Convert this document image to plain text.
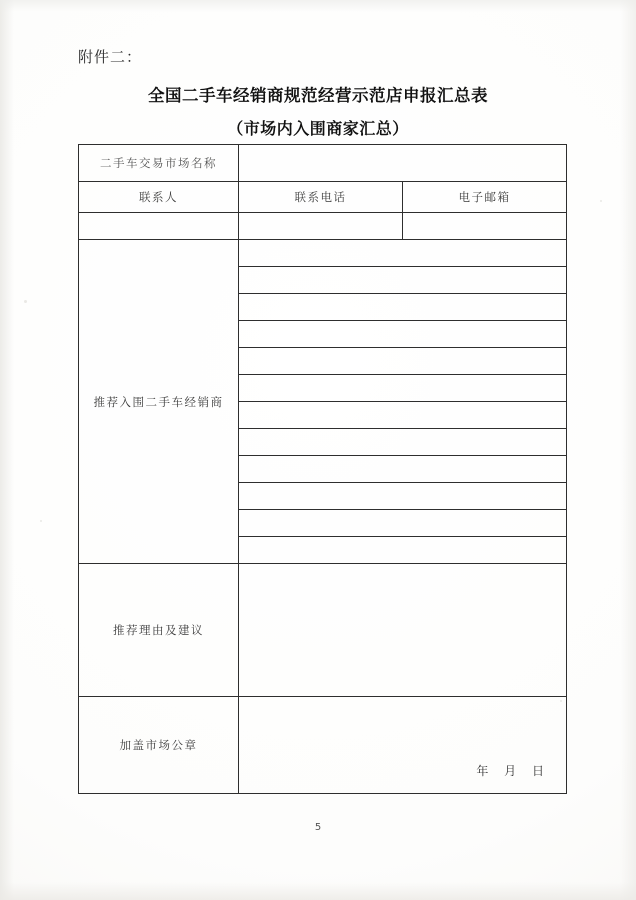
附件二：
全国二手车经销商规范经营示范店申报汇总表
（市场内入围商家汇总）
二手车交易市场名称		
联系人	联系电话	电子邮箱

推荐入围二手车经销商		

推荐理由及建议		
加盖市场公章	年 月 日	
5
